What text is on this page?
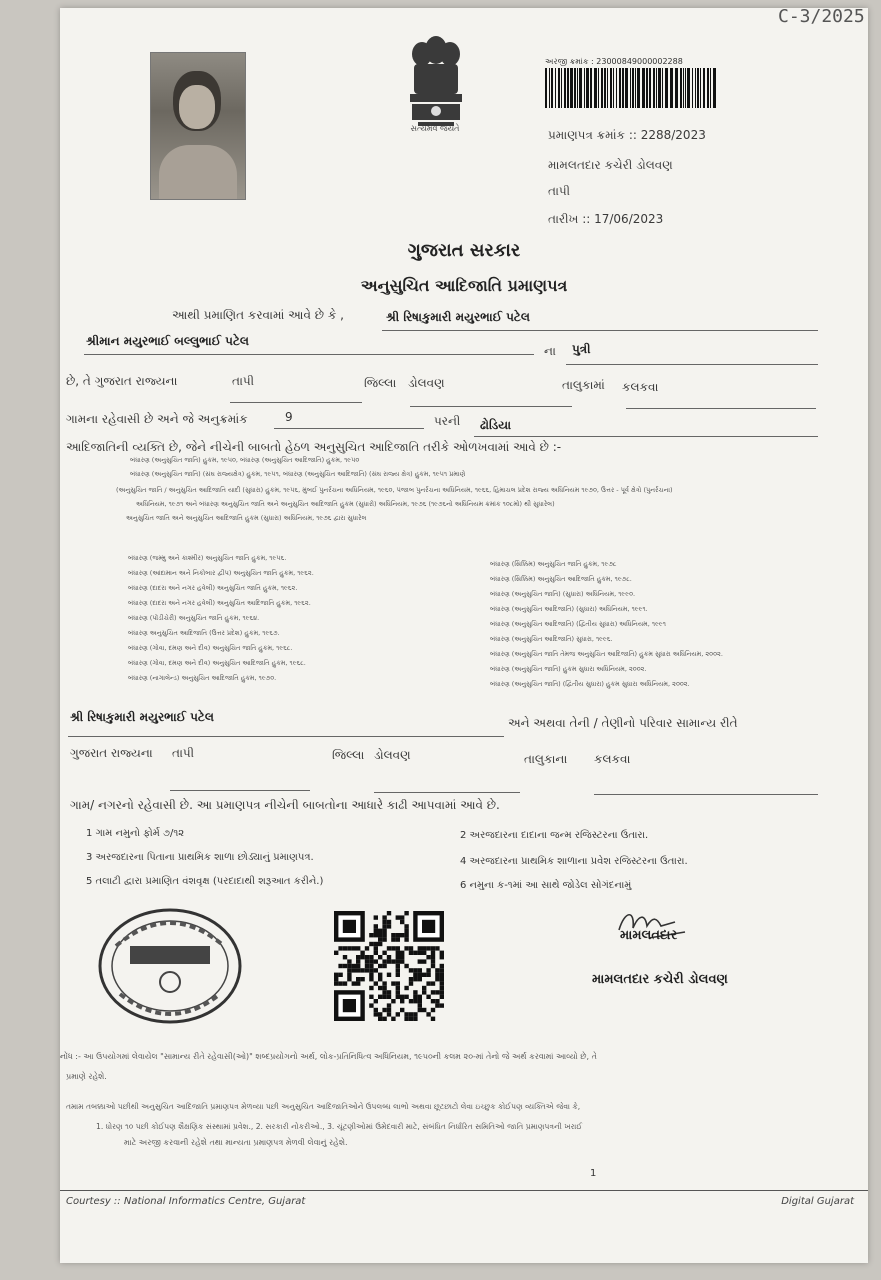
C-3/2025
સત્યમેવ જયતે
અરજી ક્રમાંક : 23000849000002288
પ્રમાણપત્ર ક્રમાંક :: 2288/2023
મામલતદાર કચેરી ડોલવણ
તાપી
તારીખ :: 17/06/2023
ગુજરાત સરકાર
અનુસુચિત આદિજાતિ પ્રમાણપત્ર
આથી પ્રમાણિત કરવામાં આવે છે કે ,	શ્રી રિષાકુમારી મયુરભાઈ પટેલ
શ્રીમાન મયુરભાઈ બલ્લુભાઈ પટેલ
ના પુત્રી
છે, તે ગુજરાત રાજ્યના	તાપી	જિલ્લા ડોલવણ	તાલુકામાં કલકવા
ગામના રહેવાસી છે અને જે અનુક્રમાંક	9	પરની ઢોડિયા
આદિજાતિની વ્યક્તિ છે, જેને નીચેની બાબતો હેઠળ અનુસુચિત આદિજાતિ તરીકે ઓળખવામાં આવે છે :-
બંધારણ (અનુસુચિત જાતિ) હુકમ, ૧૯૫૦, બંધારણ (અનુસુચિત આદિજાતિ) હુકમ, ૧૯૫૦
બંધારણ (અનુસુચિત જાતિ) (સંઘ રાજ્યક્ષેત્ર) હુકમ, ૧૯૫૧, બંધારણ (અનુસુચિત આદિજાતિ) (સંઘ રાજ્ય ક્ષેત્ર) હુકમ, ૧૯૫૧ પ્રમાણે
(અનુસુચિત જાતિ / અનુસુચિત આદિજાતિ યાદી (સુધારા) હુકમ, ૧૯૫૬, મુંબઈ પુનર્રચના અધિનિયમ, ૧૯૬૦, પંજાબ પુનર્રચના અધિનિયમ, ૧૯૬૬, હિમાચલ પ્રદેશ રાજ્ય અધિનિયમ ૧૯૭૦, ઉત્તર - પૂર્વ ક્ષેત્રો (પુનર્રચના)
અધિનિયમ, ૧૯૭૧ અને બંધારણ અનુસુચિત જાતિ અને અનુસુચિત આદિજાતિ હુકમ (સુધારો) અધિનિયમ, ૧૯૭૬ (૧૯૭૬નો અધિનિયમ ક્રમાંક ૧૦૮મો) થી સુધારેલ)
અનુસુચિત જાતિ અને અનુસુચિત આદિજાતિ હુકમ (સુધારા) અધિનિયમ, ૧૯૭૬ દ્વારા સુધારેલ
બંધારણ (જમ્મુ અને કાશ્મીર) અનુસુચિત જાતિ હુકમ, ૧૯૫૬.
બંધારણ (આંદામાન અને નિકોબાર દ્વીપ) અનુસુચિત જાતિ હુકમ, ૧૯૬૨.
બંધારણ (દાદરા અને નગર હવેલી) અનુસુચિત જાતિ હુકમ, ૧૯૬૨.
બંધારણ (દાદરા અને નગર હવેલી) અનુસુચિત આદિજાતિ હુકમ, ૧૯૬૨.
બંધારણ (પોંડીચેરી) અનુસુચિત જાતિ હુકમ, ૧૯૬૪.
બંધારણ અનુસુચિત આદિજાતિ (ઉત્તર પ્રદેશ) હુકમ, ૧૯૬૭.
બંધારણ (ગોવા, દમણ અને દીવ) અનુસુચિત જાતિ હુકમ, ૧૯૬૮.
બંધારણ (ગોવા, દમણ અને દીવ) અનુસુચિત આદિજાતિ હુકમ, ૧૯૬૮.
બંધારણ (નાગાલેન્ડ) અનુસુચિત આદિજાતિ હુકમ, ૧૯૭૦.
બંધારણ (સિક્કિમ) અનુસુચિત જાતિ હુકમ, ૧૯૭૮
બંધારણ (સિક્કિમ) અનુસુચિત આદિજાતિ હુકમ, ૧૯૭૮.
બંધારણ (અનુસુચિત જાતિ) (સુધારા) અધિનિયમ, ૧૯૯૦.
બંધારણ (અનુસુચિત આદિજાતિ) (સુધારા) અધિનિયમ, ૧૯૯૧.
બંધારણ (અનુસુચિત આદિજાતિ) (દ્વિતીય સુધારા) અધિનિયમ, ૧૯૯૧
બંધારણ (અનુસુચિત આદિજાતિ) સુધારા, ૧૯૯૬.
બંધારણ (અનુસુચિત જાતિ તેમજ અનુસુચિત આદિજાતિ) હુકમ સુધારા અધિનિયમ, ૨૦૦૨.
બંધારણ (અનુસુચિત જાતિ) હુકમ સુધારા અધિનિયમ, ૨૦૦૨.
બંધારણ (અનુસુચિત જાતિ) (દ્વિતીય સુધારા) હુકમ સુધારા અધિનિયમ, ૨૦૦૨.
શ્રી રિષાકુમારી મયુરભાઈ પટેલ	અને અથવા તેની / તેણીનો પરિવાર સામાન્ય રીતે
ગુજરાત રાજ્યના તાપી	જિલ્લા ડોલવણ	તાલુકાના કલકવા
ગામ/ નગરનો રહેવાસી છે. આ પ્રમાણપત્ર નીચેની બાબતોના આધારે કાઢી આપવામાં આવે છે.
1 ગામ નમુનો ફોર્મ ૭/૧૨	2 અરજદારના દાદાના જન્મ રજિસ્ટરના ઉતારા.
3 અરજદારના પિતાના પ્રાથમિક શાળા છોડ્યાનું પ્રમાણપત્ર.	4 અરજદારના પ્રાથમિક શાળાના પ્રવેશ રજિસ્ટરના ઉતારા.
5 તલાટી દ્વારા પ્રમાણિત વંશવૃક્ષ (પરદાદાથી શરૂઆત કરીને.)	6 નમુના ક-૧માં આ સાથે જોડેલ સોગંદનામું
મામલતદાર
મામલતદાર કચેરી ડોલવણ
નોંધ :- આ ઉપયોગમાં લેવાયેલ "સામાન્ય રીતે રહેવાસી(ઓ)" શબ્દપ્રયોગનો અર્થ, લોક-પ્રતિનિધિત્વ અધિનિયમ, ૧૯૫૦ની કલમ ૨૦-માં તેનો જે અર્થ કરવામાં આવ્યો છે, તે
પ્રમાણે રહેશે.
તમામ તબક્કાઓ પછીથી અનુસુચિત આદિજાતિ પ્રમાણપત્ર મેળવ્યા પછી અનુસુચિત આદિજાતિઓને ઉપલબ્ધ લાભો અથવા છૂટછાટો લેવા ઇચ્છુક કોઈપણ વ્યક્તિએ જેવા કે,
1. ધોરણ ૧૦ પછી કોઈપણ શૈક્ષણિક સંસ્થામાં પ્રવેશ., 2. સરકારી નોકરીઓ., 3. ચૂંટણીઓમાં ઉમેદવારી માટે, સંબંધિત નિર્ધારિત સમિતિઓ જાતિ પ્રમાણપત્રની ખરાઈ
માટે અરજી કરવાની રહેશે તથા માન્યતા પ્રમાણપત્ર મેળવી લેવાનું રહેશે.
1
Courtesy :: National Informatics Centre, Gujarat	Digital Gujarat
